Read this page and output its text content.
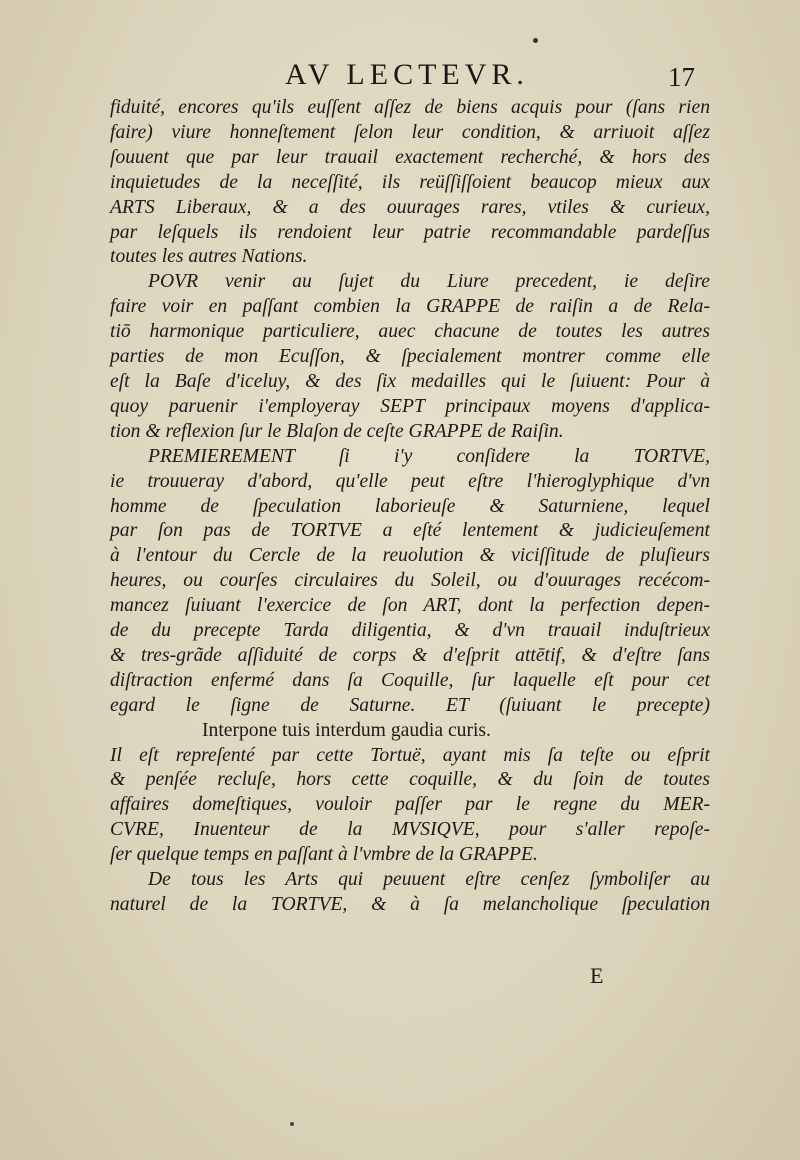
AV LECTEVR.	17
fiduité, encores qu'ils euſſent aſſez de biens acquis pour (ſans rien
faire) viure honneſtement ſelon leur condition, & arriuoit aſſez
ſouuent que par leur trauail exactement recherché, & hors des
inquietudes de la neceſſité, ils reüſſiſſoient beaucop mieux aux
ARTS Liberaux, & a des ouurages rares, vtiles & curieux,
par leſquels ils rendoient leur patrie recommandable pardeſſus
toutes les autres Nations.
POVR venir au ſujet du Liure precedent, ie deſire
faire voir en paſſant combien la GRAPPE de raiſin a de Rela-
tiō harmonique particuliere, auec chacune de toutes les autres
parties de mon Ecuſſon, & ſpecialement montrer comme elle
eſt la Baſe d'iceluy, & des ſix medailles qui le ſuiuent: Pour à
quoy paruenir i'employeray SEPT principaux moyens d'applica-
tion & reflexion ſur le Blaſon de ceſte GRAPPE de Raiſin.
PREMIEREMENT ſi i'y conſidere la TORTVE,
ie trouueray d'abord, qu'elle peut eſtre l'hieroglyphique d'vn
homme de ſpeculation laborieuſe & Saturniene, lequel
par ſon pas de TORTVE a eſté lentement & judicieuſement
à l'entour du Cercle de la reuolution & viciſſitude de pluſieurs
heures, ou courſes circulaires du Soleil, ou d'ouurages recécom-
mancez ſuiuant l'exercice de ſon ART, dont la perfection depen-
de du precepte Tarda diligentia, & d'vn trauail induſtrieux
& tres-grãde aſſiduité de corps & d'eſprit attētif, & d'eſtre ſans
diſtraction enfermé dans ſa Coquille, ſur laquelle eſt pour cet
egard le ſigne de Saturne. ET (ſuiuant le precepte)
Interpone tuis interdum gaudia curis.
Il eſt repreſenté par cette Tortuë, ayant mis ſa teſte ou eſprit
& penſée recluſe, hors cette coquille, & du ſoin de toutes
affaires domeſtiques, vouloir paſſer par le regne du MER-
CVRE, Inuenteur de la MVSIQVE, pour s'aller repoſe-
ſer quelque temps en paſſant à l'vmbre de la GRAPPE.
De tous les Arts qui peuuent eſtre cenſez ſymboliſer au
naturel de la TORTVE, & à ſa melancholique ſpeculation
E
